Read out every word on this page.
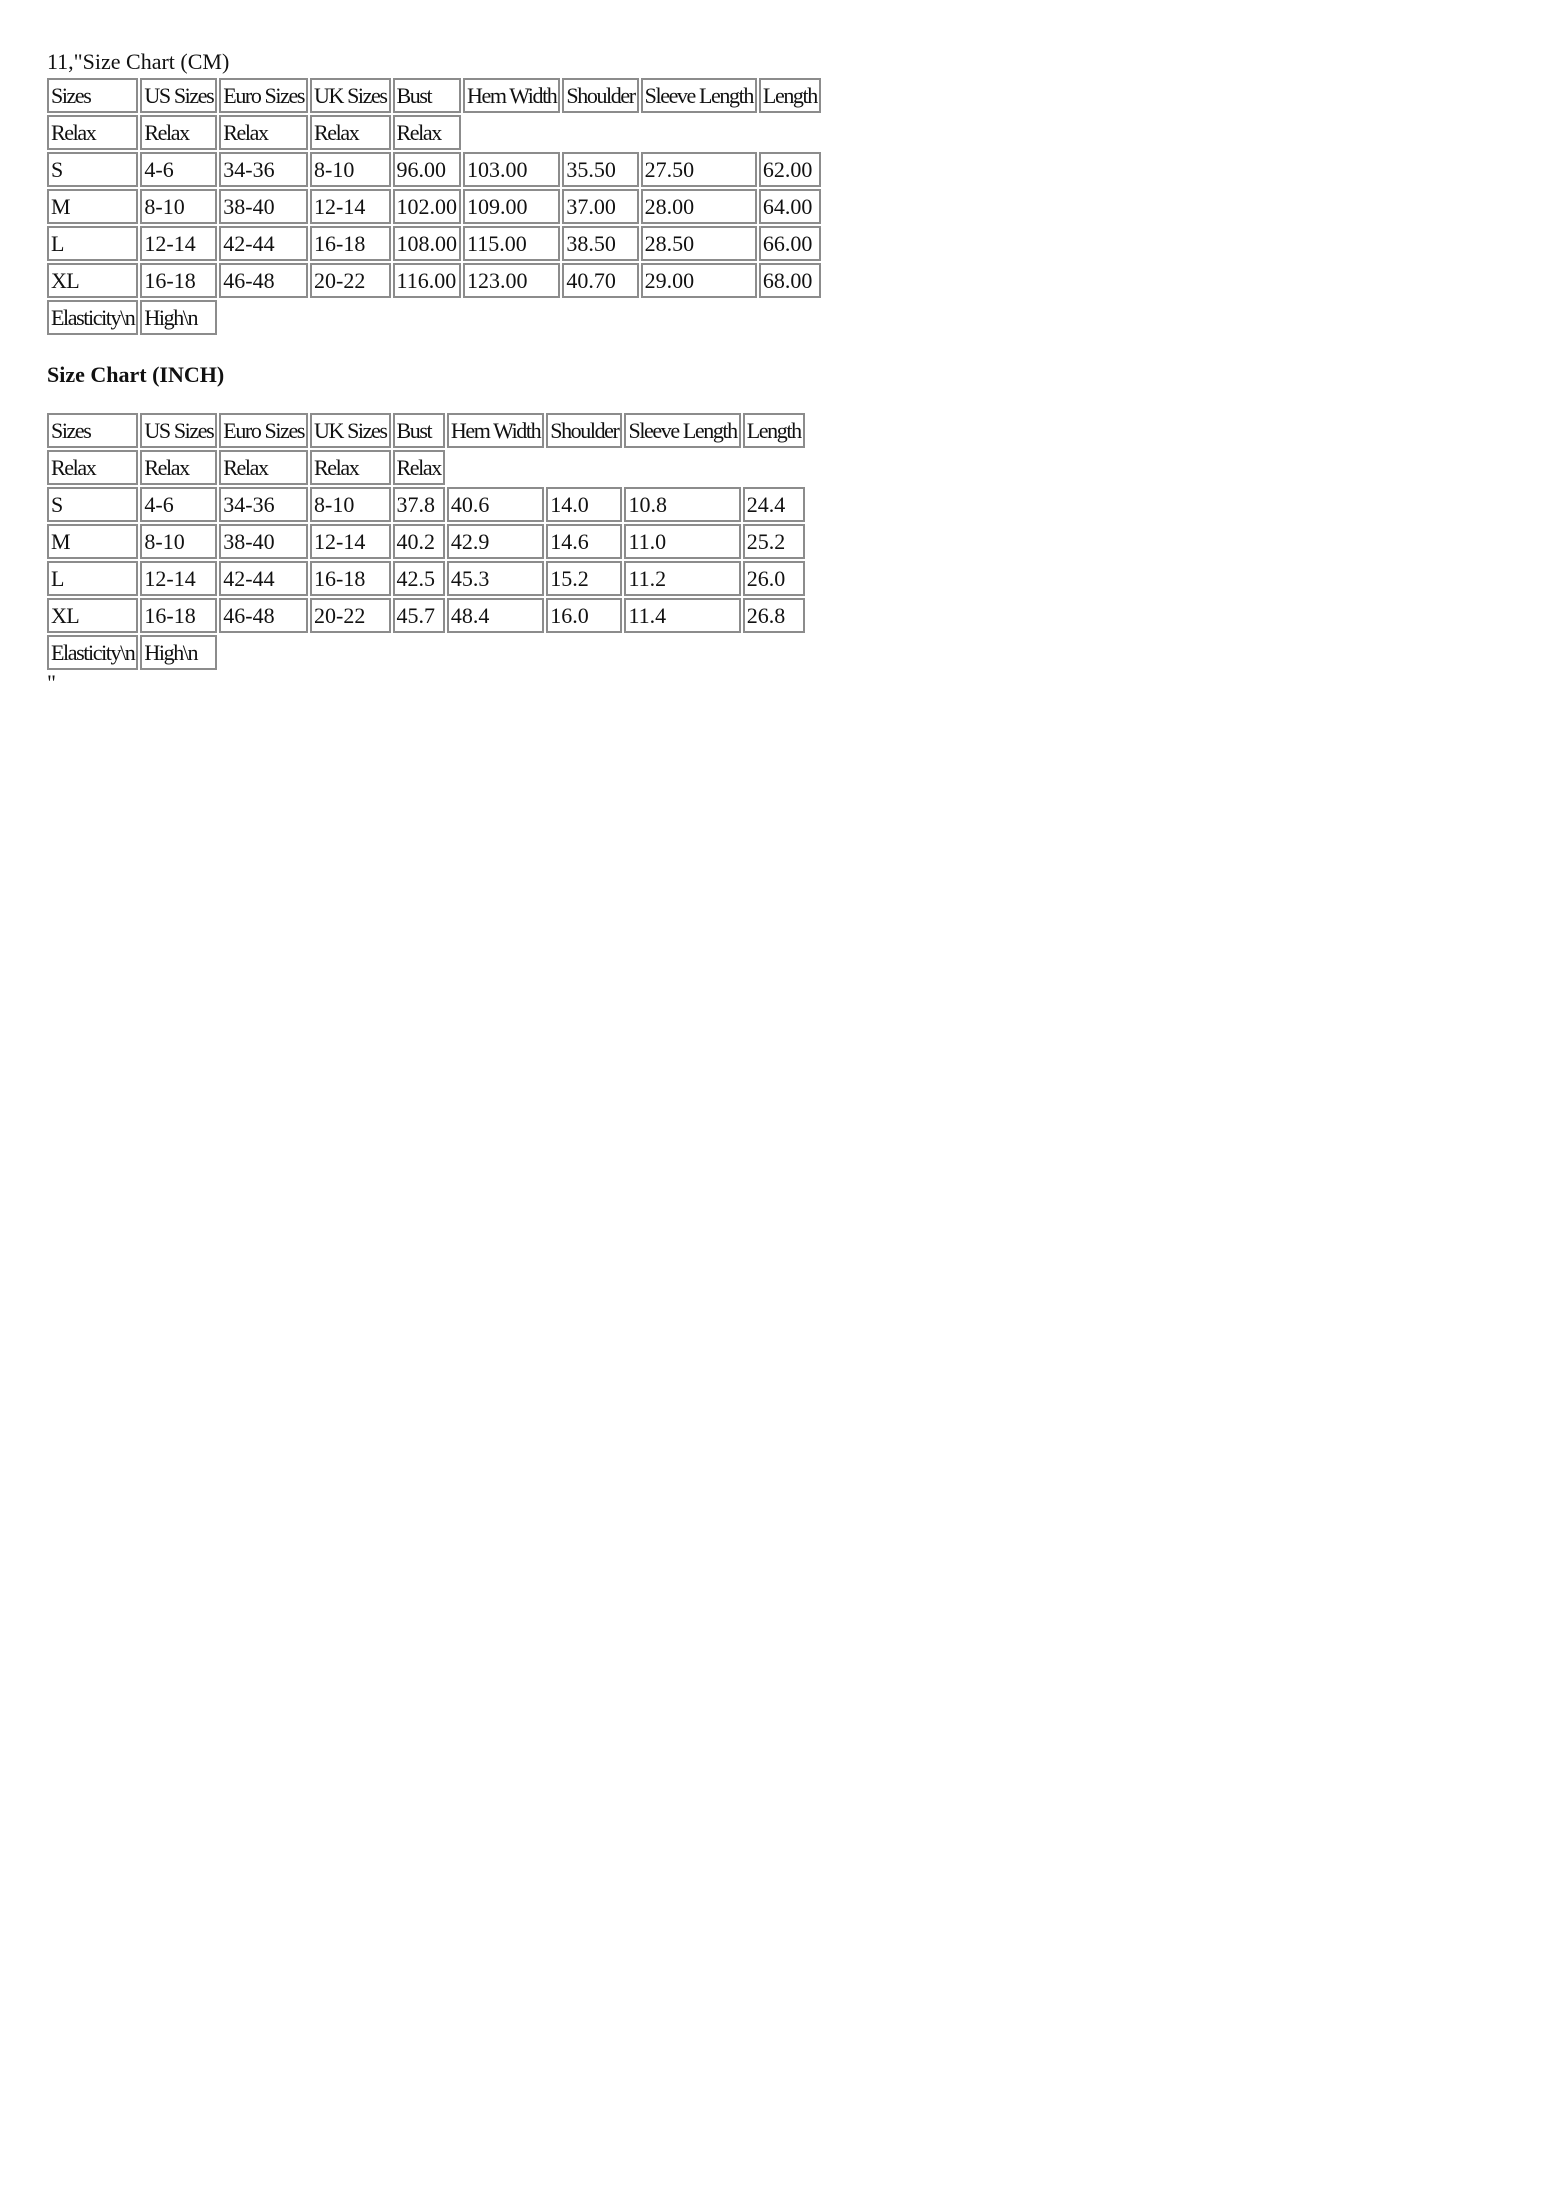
11,"Size Chart (CM)
Sizes	US Sizes	Euro Sizes	UK Sizes	Bust	Hem Width	Shoulder	Sleeve Length	Length
Relax	Relax	Relax	Relax	Relax				
S	4-6	34-36	8-10	96.00	103.00	35.50	27.50	62.00
M	8-10	38-40	12-14	102.00	109.00	37.00	28.00	64.00
L	12-14	42-44	16-18	108.00	115.00	38.50	28.50	66.00
XL	16-18	46-48	20-22	116.00	123.00	40.70	29.00	68.00
Elasticity\n	High\n							
Size Chart (INCH)
Sizes	US Sizes	Euro Sizes	UK Sizes	Bust	Hem Width	Shoulder	Sleeve Length	Length
Relax	Relax	Relax	Relax	Relax				
S	4-6	34-36	8-10	37.8	40.6	14.0	10.8	24.4
M	8-10	38-40	12-14	40.2	42.9	14.6	11.0	25.2
L	12-14	42-44	16-18	42.5	45.3	15.2	11.2	26.0
XL	16-18	46-48	20-22	45.7	48.4	16.0	11.4	26.8
Elasticity\n	High\n							
"
